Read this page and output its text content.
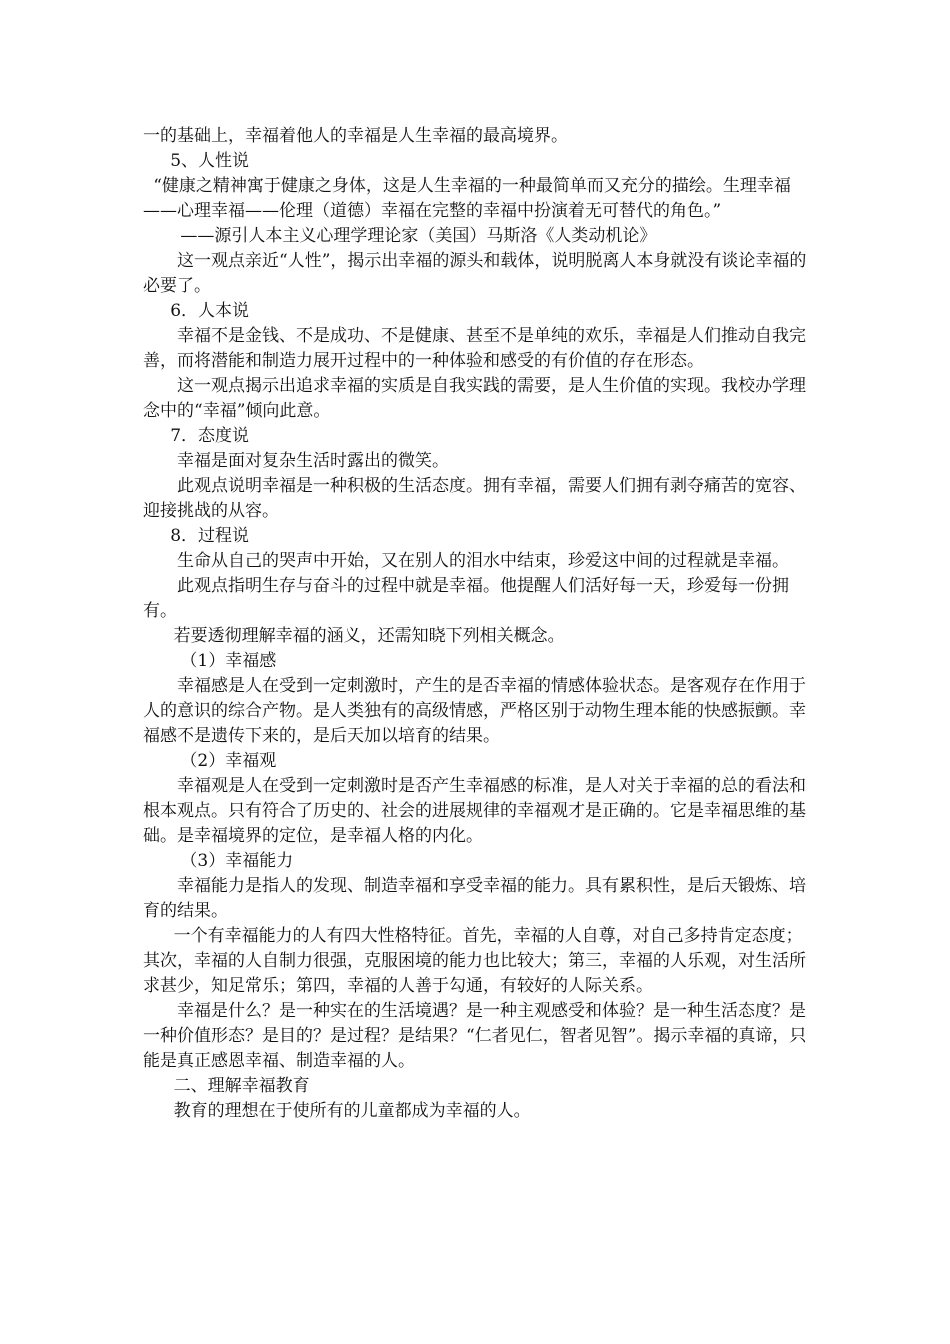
一的基础上，幸福着他人的幸福是人生幸福的最高境界。

5、人性说

“健康之精神寓于健康之身体，这是人生幸福的一种最简单而又充分的描绘。生理幸福——心理幸福——伦理（道德）幸福在完整的幸福中扮演着无可替代的角色。”

——源引人本主义心理学理论家（美国）马斯洛《人类动机论》

这一观点亲近“人性”，揭示出幸福的源头和载体，说明脱离人本身就没有谈论幸福的必要了。

6．人本说

幸福不是金钱、不是成功、不是健康、甚至不是单纯的欢乐，幸福是人们推动自我完善，而将潜能和制造力展开过程中的一种体验和感受的有价值的存在形态。

这一观点揭示出追求幸福的实质是自我实践的需要，是人生价值的实现。我校办学理念中的“幸福”倾向此意。

7．态度说

幸福是面对复杂生活时露出的微笑。

此观点说明幸福是一种积极的生活态度。拥有幸福，需要人们拥有剥夺痛苦的宽容、迎接挑战的从容。

8．过程说

生命从自己的哭声中开始，又在别人的泪水中结束，珍爱这中间的过程就是幸福。

此观点指明生存与奋斗的过程中就是幸福。他提醒人们活好每一天，珍爱每一份拥有。

若要透彻理解幸福的涵义，还需知晓下列相关概念。

（1）幸福感

幸福感是人在受到一定刺激时，产生的是否幸福的情感体验状态。是客观存在作用于人的意识的综合产物。是人类独有的高级情感，严格区别于动物生理本能的快感振颤。幸福感不是遗传下来的，是后天加以培育的结果。

（2）幸福观

幸福观是人在受到一定刺激时是否产生幸福感的标准，是人对关于幸福的总的看法和根本观点。只有符合了历史的、社会的进展规律的幸福观才是正确的。它是幸福思维的基础。是幸福境界的定位，是幸福人格的内化。

（3）幸福能力

幸福能力是指人的发现、制造幸福和享受幸福的能力。具有累积性，是后天锻炼、培育的结果。

一个有幸福能力的人有四大性格特征。首先，幸福的人自尊，对自己多持肯定态度；其次，幸福的人自制力很强，克服困境的能力也比较大；第三，幸福的人乐观，对生活所求甚少，知足常乐；第四，幸福的人善于勾通，有较好的人际关系。

幸福是什么？是一种实在的生活境遇？是一种主观感受和体验？是一种生活态度？是一种价值形态？是目的？是过程？是结果？“仁者见仁，智者见智”。揭示幸福的真谛，只能是真正感恩幸福、制造幸福的人。

二、理解幸福教育

教育的理想在于使所有的儿童都成为幸福的人。
